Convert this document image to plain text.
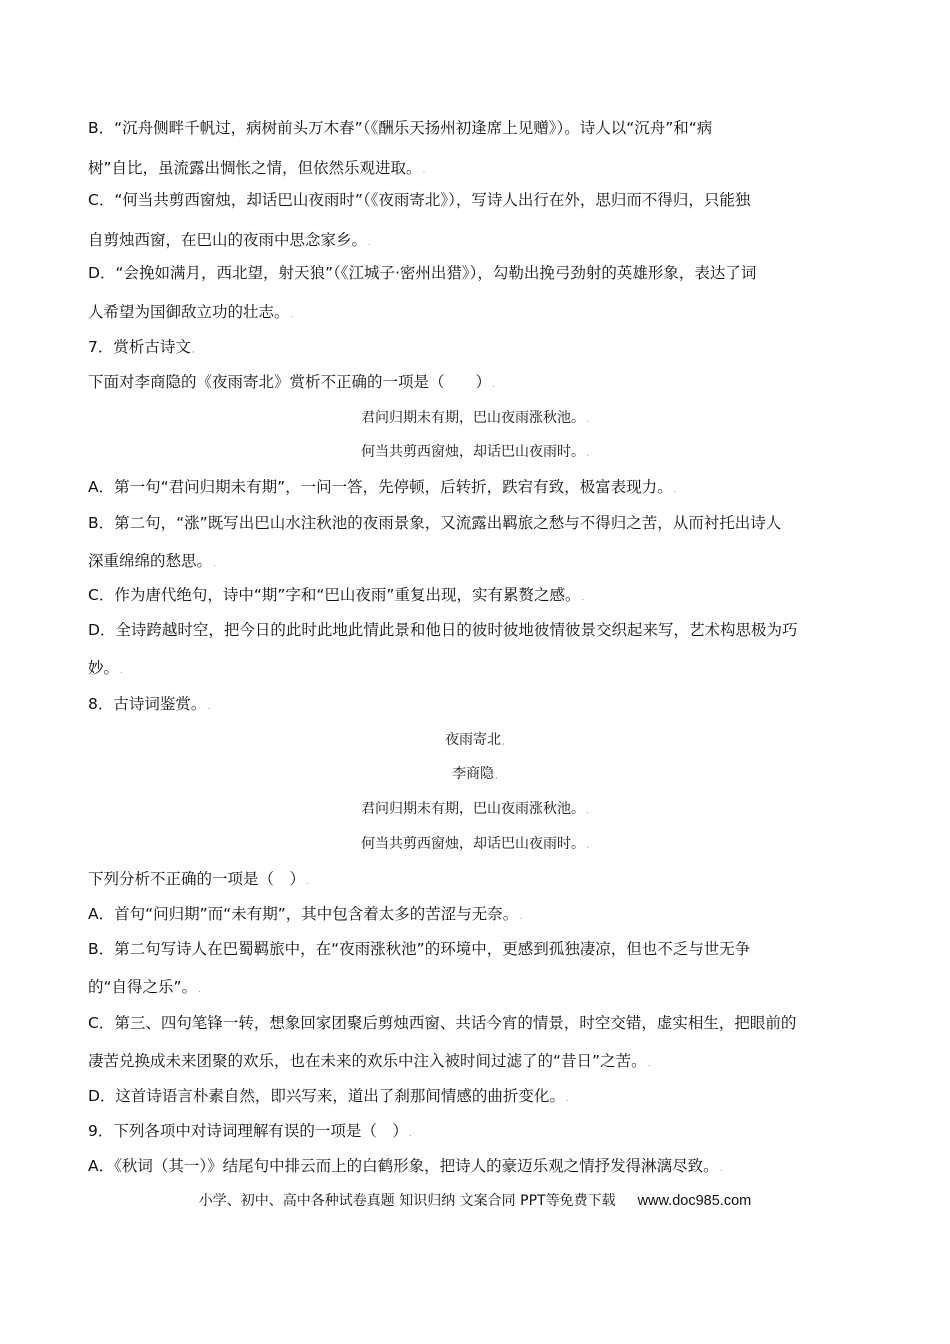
B．“沉舟侧畔千帆过，病树前头万木春”（《酬乐天扬州初逢席上见赠》）。诗人以“沉舟”和“病
树”自比，虽流露出惆怅之情，但依然乐观进取。.
C．“何当共剪西窗烛，却话巴山夜雨时”（《夜雨寄北》），写诗人出行在外，思归而不得归，只能独
自剪烛西窗，在巴山的夜雨中思念家乡。.
D．“会挽如满月，西北望，射天狼”（《江城子·密州出猎》），勾勒出挽弓劲射的英雄形象，表达了词
人希望为国御敌立功的壮志。.
7．赏析古诗文,
下面对李商隐的《夜雨寄北》赏析不正确的一项是（　　）.
君问归期未有期，巴山夜雨涨秋池。.
何当共剪西窗烛，却话巴山夜雨时。.
A．第一句“君问归期未有期”，一问一答，先停顿，后转折，跌宕有致，极富表现力。.
B．第二句，“涨”既写出巴山水注秋池的夜雨景象，又流露出羁旅之愁与不得归之苦，从而衬托出诗人
深重绵绵的愁思。.
C．作为唐代绝句，诗中“期”字和“巴山夜雨”重复出现，实有累赘之感。.
D．全诗跨越时空，把今日的此时此地此情此景和他日的彼时彼地彼情彼景交织起来写，艺术构思极为巧
妙。.
8．古诗词鉴赏。.
夜雨寄北,
李商隐,
君问归期未有期，巴山夜雨涨秋池。.
何当共剪西窗烛，却话巴山夜雨时。.
下列分析不正确的一项是（　）.
A．首句“问归期”而“未有期”，其中包含着太多的苦涩与无奈。.
B．第二句写诗人在巴蜀羁旅中，在“夜雨涨秋池”的环境中，更感到孤独凄凉，但也不乏与世无争
的“自得之乐”。.
C．第三、四句笔锋一转，想象回家团聚后剪烛西窗、共话今宵的情景，时空交错，虚实相生，把眼前的
凄苦兑换成未来团聚的欢乐，也在未来的欢乐中注入被时间过滤了的“昔日”之苦。.
D．这首诗语言朴素自然，即兴写来，道出了刹那间情感的曲折变化。.
9．下列各项中对诗词理解有误的一项是（　）.
A．《秋词（其一）》结尾句中排云而上的白鹤形象，把诗人的豪迈乐观之情抒发得淋漓尽致。.
小学、初中、高中各种试卷真题 知识归纳 文案合同 PPT等免费下载 www.doc985.com
